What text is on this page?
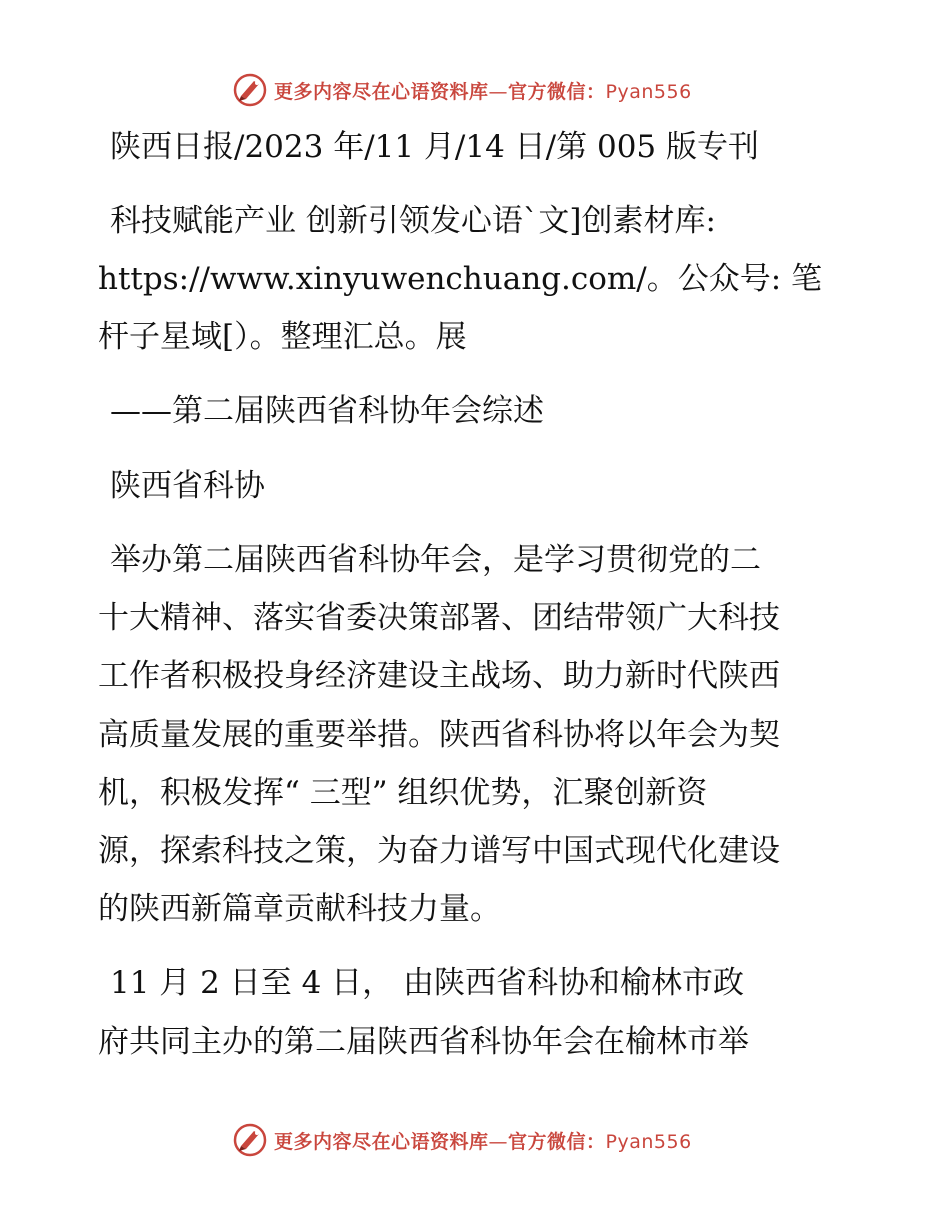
更多内容尽在心语资料库—官方微信：Pyan556

陕西日报/2023 年/11 月/14 日/第 005 版专刊

科技赋能产业 创新引领发心语`文]创素材库:

https://www.xinyuwenchuang.com/。公众号: 笔

杆子星域[）。整理汇总。展

——第二届陕西省科协年会综述

陕西省科协

举办第二届陕西省科协年会，是学习贯彻党的二

十大精神、落实省委决策部署、团结带领广大科技

工作者积极投身经济建设主战场、助力新时代陕西

高质量发展的重要举措。陕西省科协将以年会为契

机，积极发挥“ 三型” 组织优势，汇聚创新资

源，探索科技之策，为奋力谱写中国式现代化建设

的陕西新篇章贡献科技力量。

11 月 2 日至 4 日， 由陕西省科协和榆林市政

府共同主办的第二届陕西省科协年会在榆林市举

更多内容尽在心语资料库—官方微信：Pyan556
